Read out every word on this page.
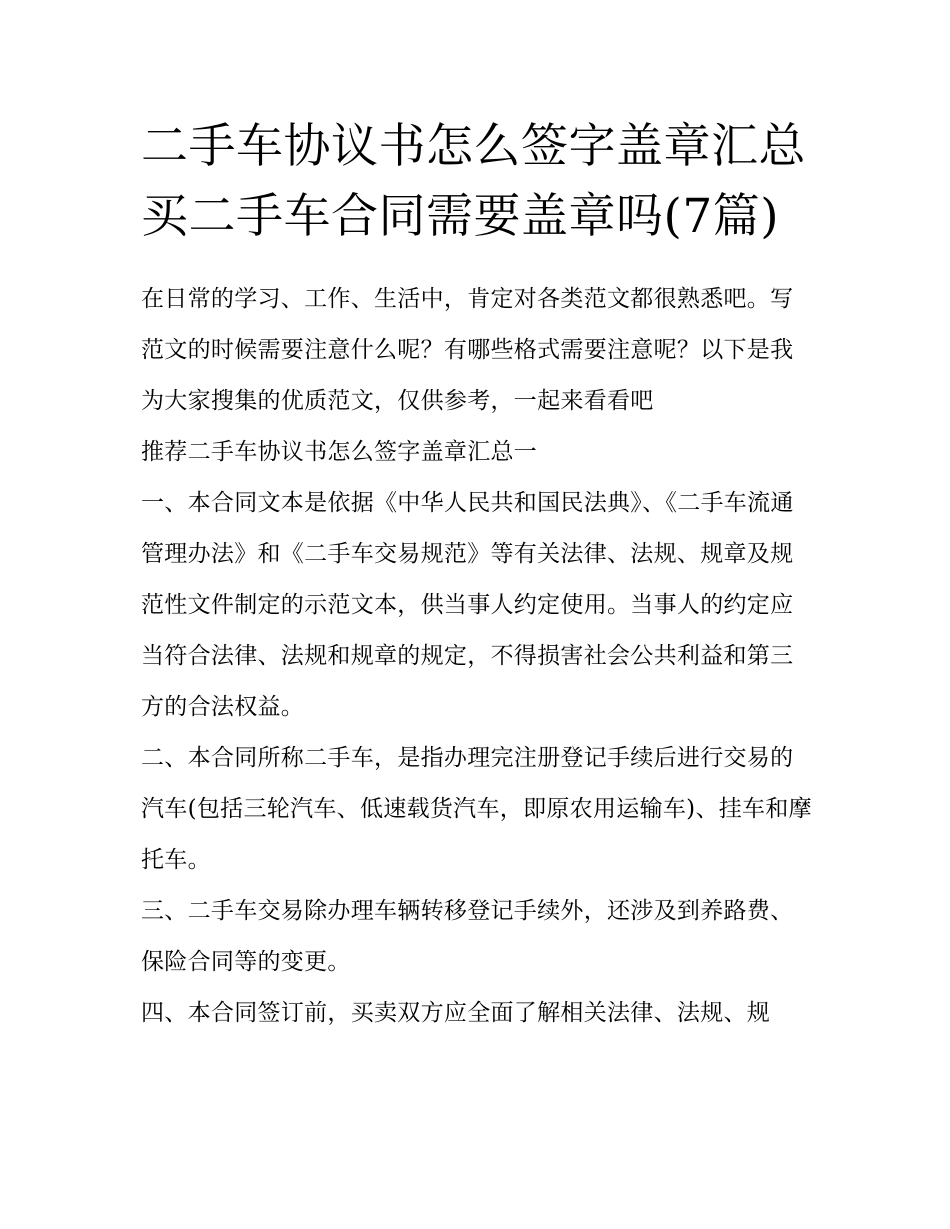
二手车协议书怎么签字盖章汇总 买二手车合同需要盖章吗(7篇)

在日常的学习、工作、生活中，肯定对各类范文都很熟悉吧。写范文的时候需要注意什么呢？有哪些格式需要注意呢？以下是我为大家搜集的优质范文，仅供参考，一起来看看吧

推荐二手车协议书怎么签字盖章汇总一

一、本合同文本是依据《中华人民共和国民法典》、《二手车流通管理办法》和《二手车交易规范》等有关法律、法规、规章及规范性文件制定的示范文本，供当事人约定使用。当事人的约定应当符合法律、法规和规章的规定，不得损害社会公共利益和第三方的合法权益。

二、本合同所称二手车，是指办理完注册登记手续后进行交易的汽车(包括三轮汽车、低速载货汽车，即原农用运输车)、挂车和摩托车。

三、二手车交易除办理车辆转移登记手续外，还涉及到养路费、保险合同等的变更。

四、本合同签订前，买卖双方应全面了解相关法律、法规、规
